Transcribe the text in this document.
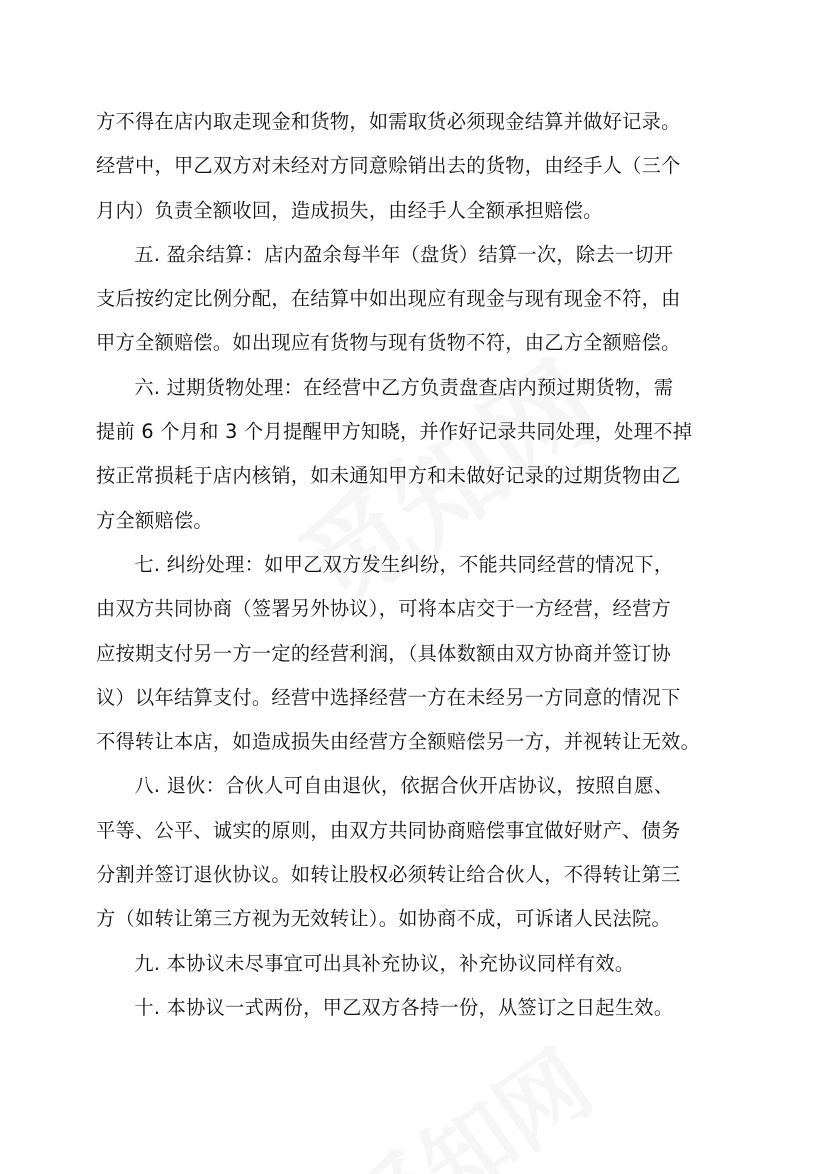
方不得在店内取走现金和货物，如需取货必须现金结算并做好记录。
经营中，甲乙双方对未经对方同意赊销出去的货物，由经手人（三个
月内）负责全额收回，造成损失，由经手人全额承担赔偿。
五. 盈余结算：店内盈余每半年（盘货）结算一次，除去一切开
支后按约定比例分配，在结算中如出现应有现金与现有现金不符，由
甲方全额赔偿。如出现应有货物与现有货物不符，由乙方全额赔偿。
六. 过期货物处理：在经营中乙方负责盘查店内预过期货物，需
提前 6 个月和 3 个月提醒甲方知晓，并作好记录共同处理，处理不掉
按正常损耗于店内核销，如未通知甲方和未做好记录的过期货物由乙
方全额赔偿。
七. 纠纷处理：如甲乙双方发生纠纷，不能共同经营的情况下，
由双方共同协商（签署另外协议），可将本店交于一方经营，经营方
应按期支付另一方一定的经营利润，（具体数额由双方协商并签订协
议）以年结算支付。经营中选择经营一方在未经另一方同意的情况下
不得转让本店，如造成损失由经营方全额赔偿另一方，并视转让无效。
八. 退伙：合伙人可自由退伙，依据合伙开店协议，按照自愿、
平等、公平、诚实的原则，由双方共同协商赔偿事宜做好财产、债务
分割并签订退伙协议。如转让股权必须转让给合伙人，不得转让第三
方（如转让第三方视为无效转让）。如协商不成，可诉诸人民法院。
九. 本协议未尽事宜可出具补充协议，补充协议同样有效。
十. 本协议一式两份，甲乙双方各持一份，从签订之日起生效。
